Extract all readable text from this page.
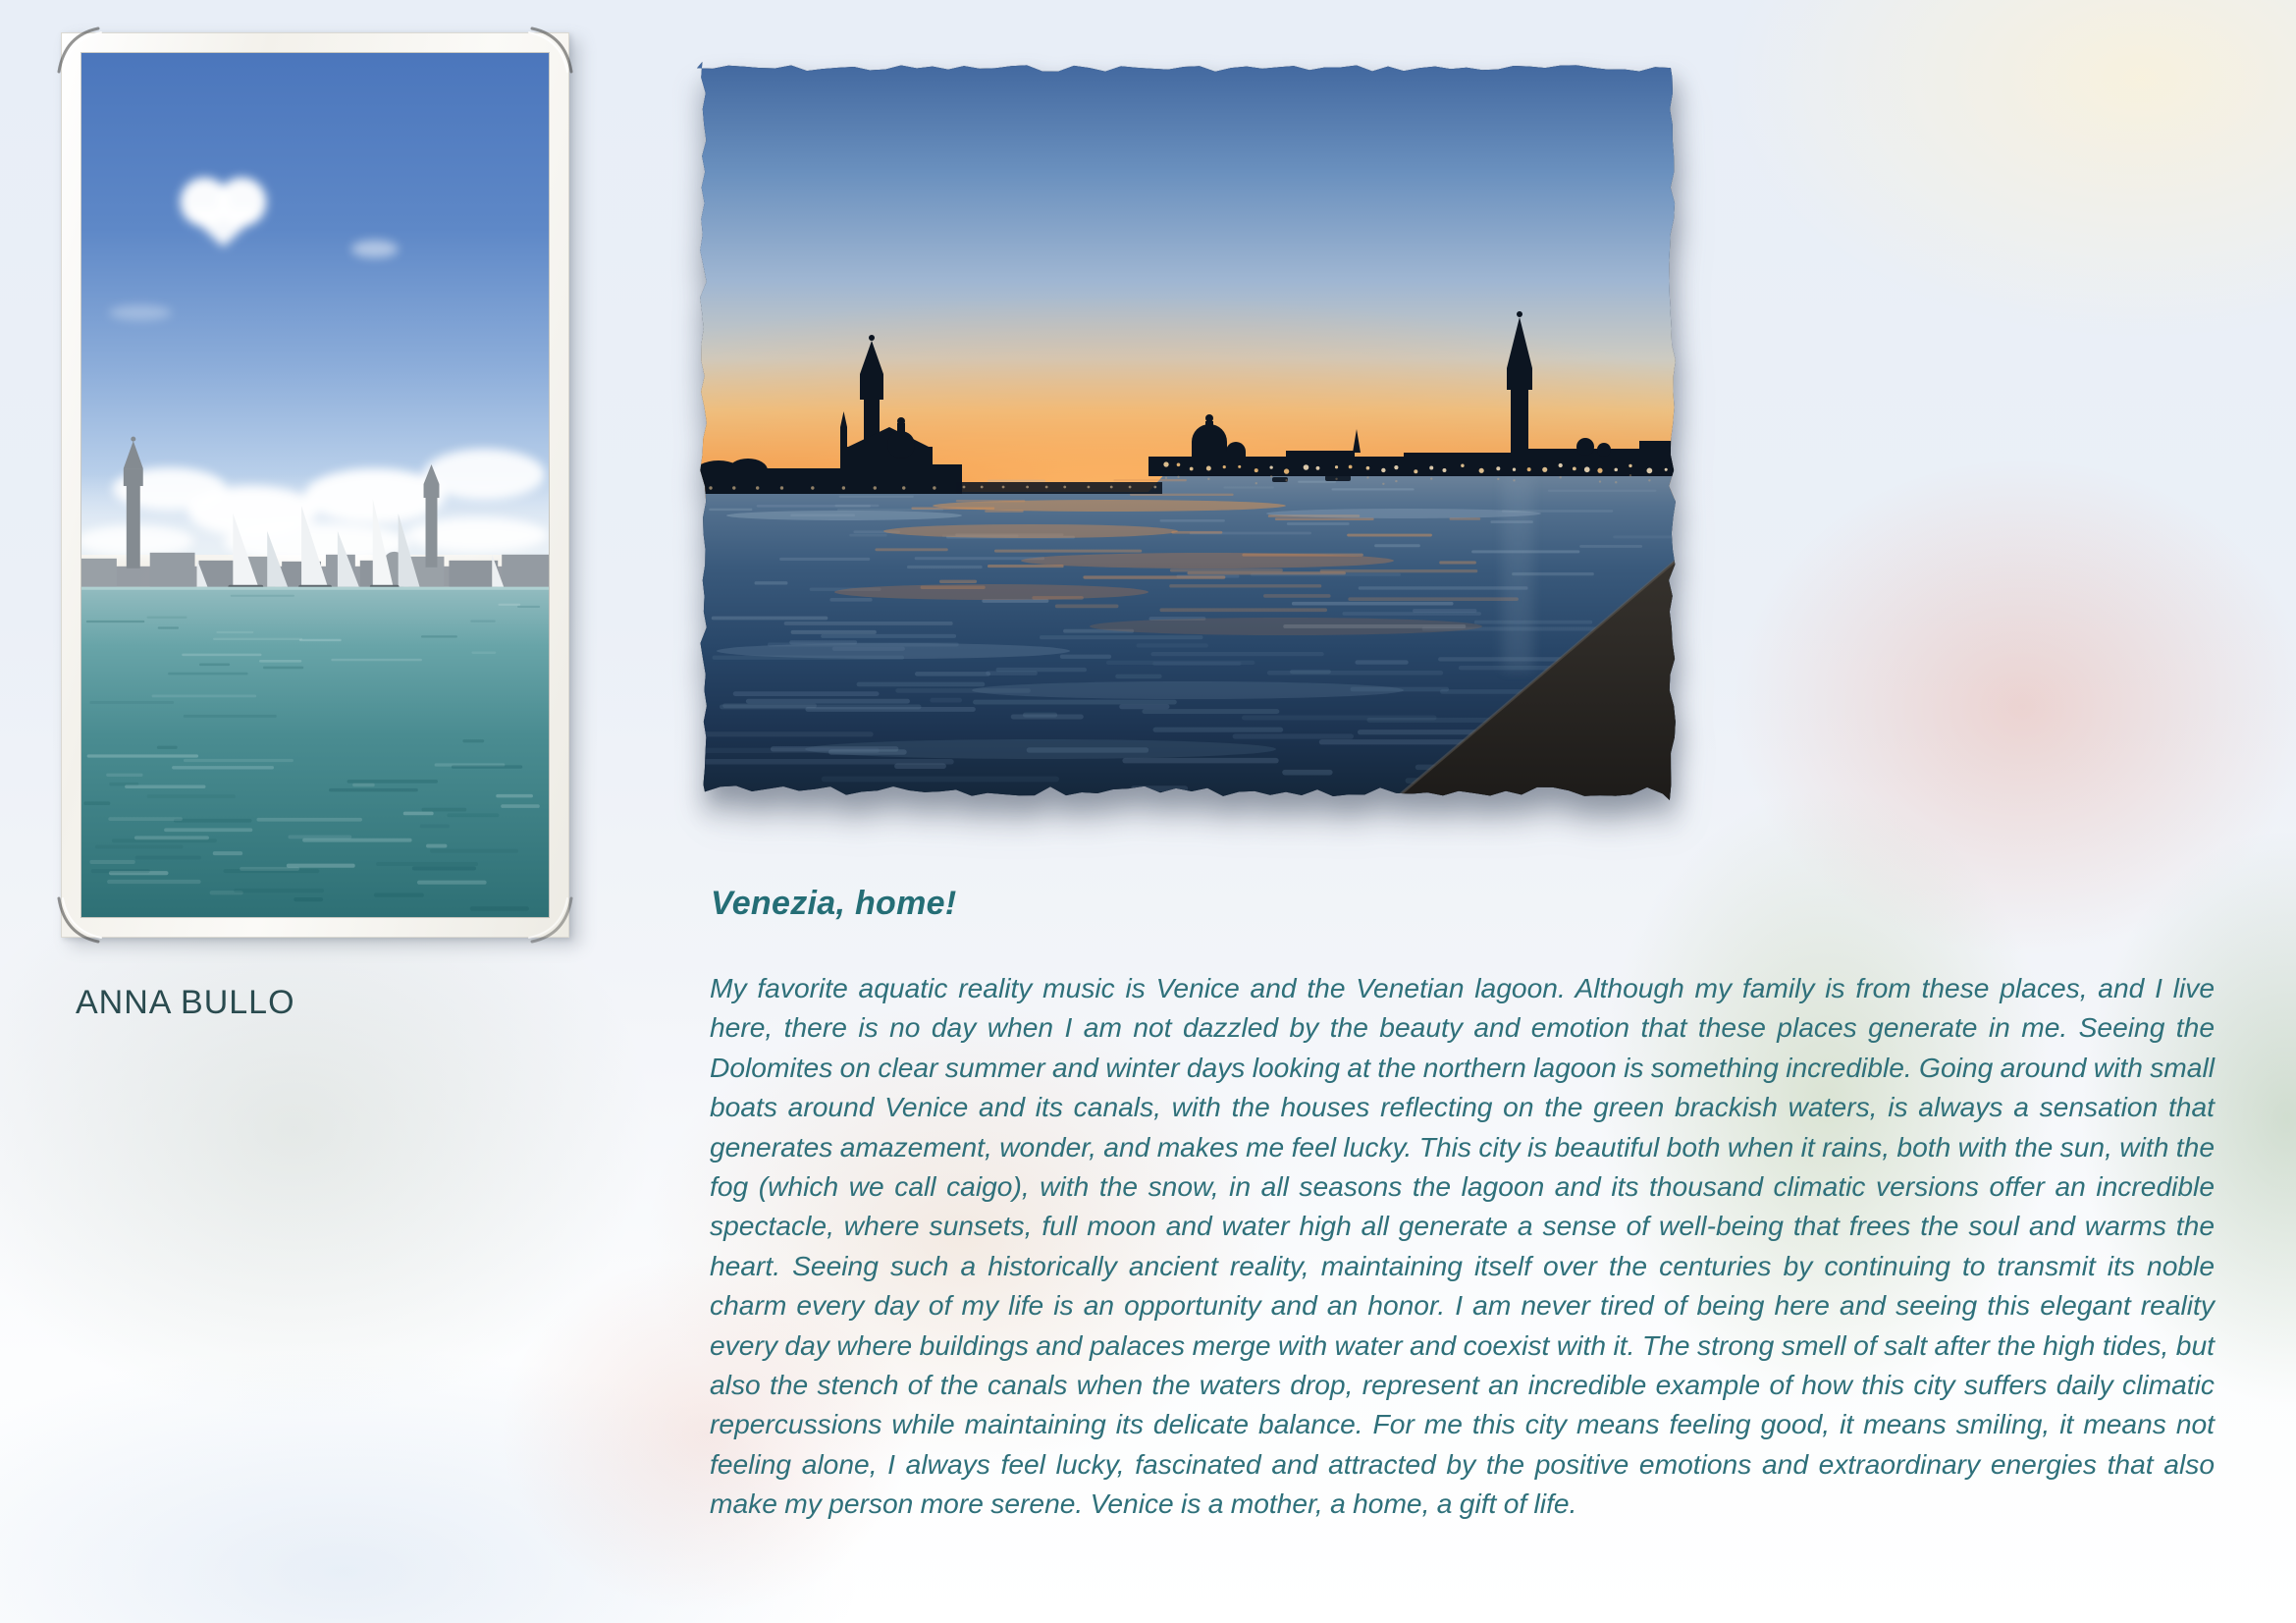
ANNA BULLO
Venezia, home!

My favorite aquatic reality music is Venice and the Venetian lagoon. Although my family is from these places, and I live here, there is no day when I am not dazzled by the beauty and emotion that these places generate in me. Seeing the Dolomites on clear summer and winter days looking at the northern lagoon is something incredible. Going around with small boats around Venice and its canals, with the houses reflecting on the green brackish waters, is always a sensation that generates amazement, wonder, and makes me feel lucky. This city is beautiful both when it rains, both with the sun, with the fog (which we call caigo), with the snow, in all seasons the lagoon and its thousand climatic versions offer an incredible spectacle, where sunsets, full moon and water high all generate a sense of well-being that frees the soul and warms the heart. Seeing such a historically ancient reality, maintaining itself over the centuries by continuing to transmit its noble charm every day of my life is an opportunity and an honor. I am never tired of being here and seeing this elegant reality every day where buildings and palaces merge with water and coexist with it. The strong smell of salt after the high tides, but also the stench of the canals when the waters drop, represent an incredible example of how this city suffers daily climatic repercussions while maintaining its delicate balance. For me this city means feeling good, it means smiling, it means not feeling alone, I always feel lucky, fascinated and attracted by the positive emotions and extraordinary energies that also make my person more serene. Venice is a mother, a home, a gift of life.
